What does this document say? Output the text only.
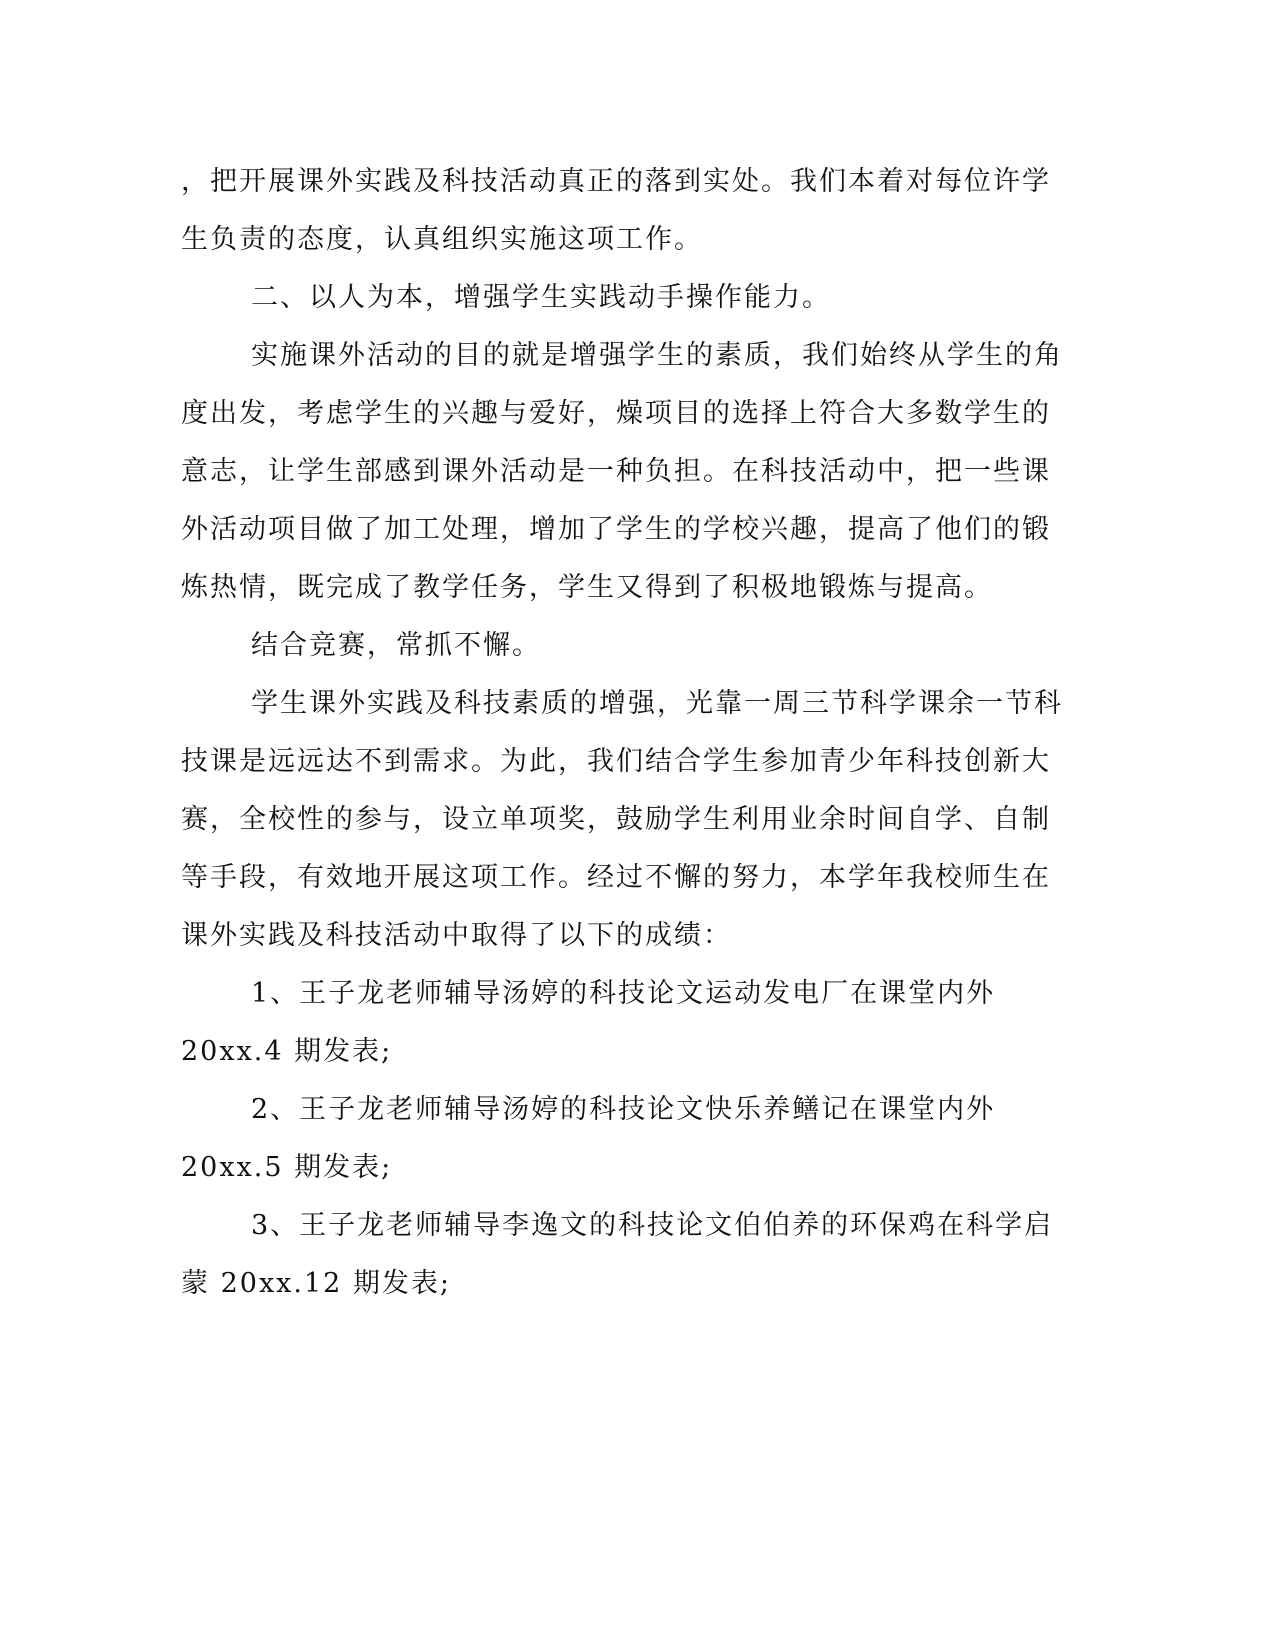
，把开展课外实践及科技活动真正的落到实处。我们本着对每位许学
生负责的态度，认真组织实施这项工作。
二、以人为本，增强学生实践动手操作能力。
实施课外活动的目的就是增强学生的素质，我们始终从学生的角
度出发，考虑学生的兴趣与爱好，燥项目的选择上符合大多数学生的
意志，让学生部感到课外活动是一种负担。在科技活动中，把一些课
外活动项目做了加工处理，增加了学生的学校兴趣，提高了他们的锻
炼热情，既完成了教学任务，学生又得到了积极地锻炼与提高。
结合竞赛，常抓不懈。
学生课外实践及科技素质的增强，光靠一周三节科学课余一节科
技课是远远达不到需求。为此，我们结合学生参加青少年科技创新大
赛，全校性的参与，设立单项奖，鼓励学生利用业余时间自学、自制
等手段，有效地开展这项工作。经过不懈的努力，本学年我校师生在
课外实践及科技活动中取得了以下的成绩：
1、王子龙老师辅导汤婷的科技论文运动发电厂在课堂内外
20xx.4 期发表;
2、王子龙老师辅导汤婷的科技论文快乐养鳝记在课堂内外
20xx.5 期发表;
3、王子龙老师辅导李逸文的科技论文伯伯养的环保鸡在科学启
蒙 20xx.12 期发表;
